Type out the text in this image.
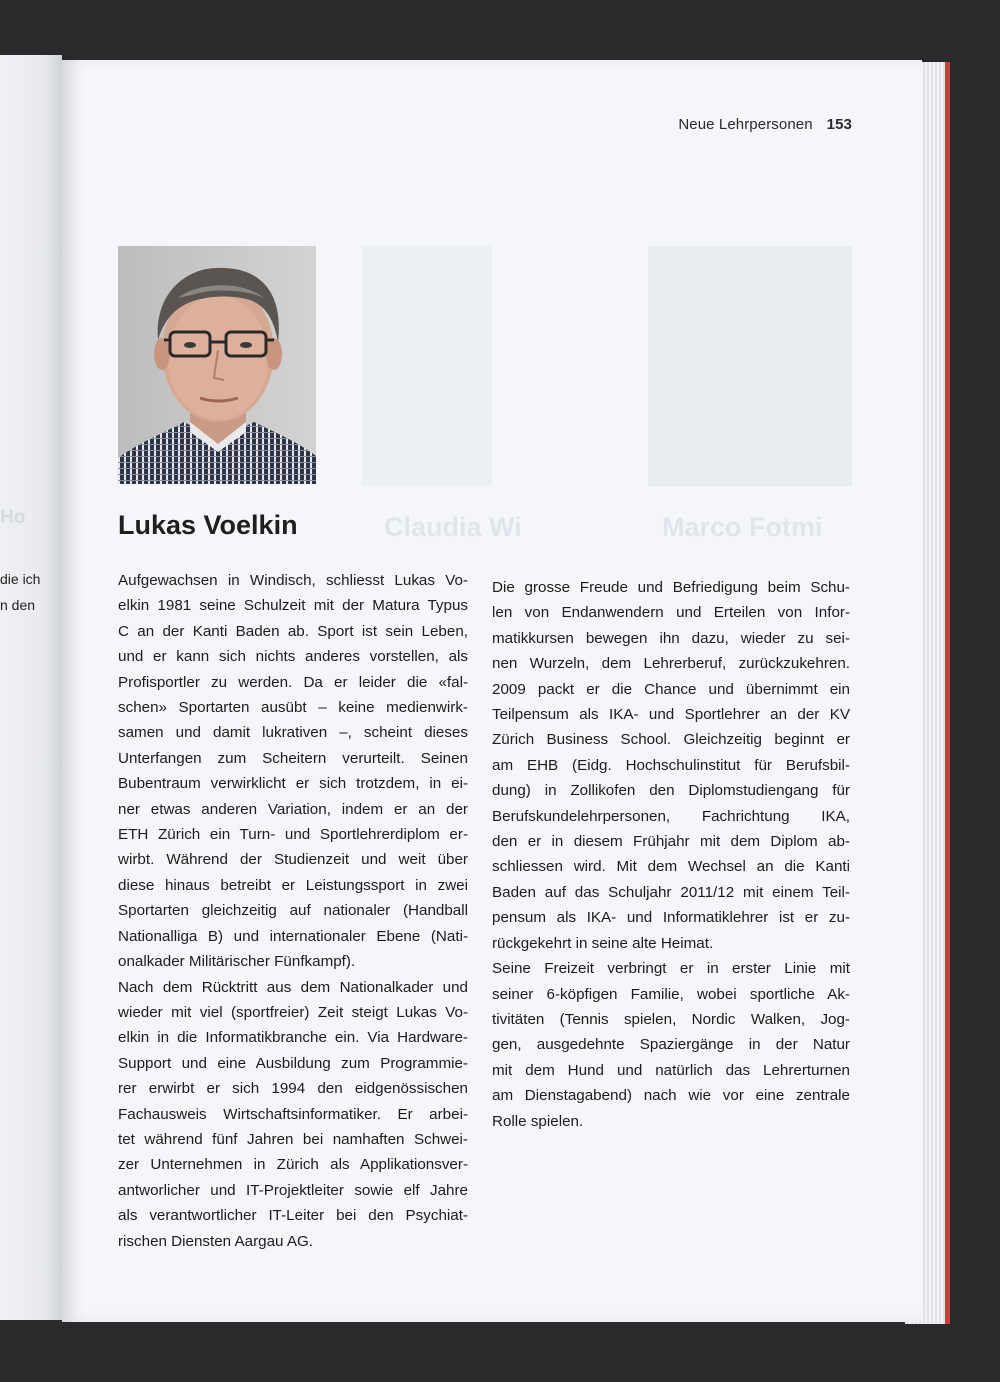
Ho
die ich
n den
Neue Lehrpersonen 153
Claudia Wi	Marco Fotmi
Lukas Voelkin

Aufgewachsen in Windisch, schliesst Lukas Vo-
elkin 1981 seine Schulzeit mit der Matura Typus
C an der Kanti Baden ab. Sport ist sein Leben,
und er kann sich nichts anderes vorstellen, als
Profisportler zu werden. Da er leider die «fal-
schen» Sportarten ausübt – keine medienwirk-
samen und damit lukrativen –, scheint dieses
Unterfangen zum Scheitern verurteilt. Seinen
Bubentraum verwirklicht er sich trotzdem, in ei-
ner etwas anderen Variation, indem er an der
ETH Zürich ein Turn- und Sportlehrerdiplom er-
wirbt. Während der Studienzeit und weit über
diese hinaus betreibt er Leistungssport in zwei
Sportarten gleichzeitig auf nationaler (Handball
Nationalliga B) und internationaler Ebene (Nati-
onalkader Militärischer Fünfkampf).

Nach dem Rücktritt aus dem Nationalkader und
wieder mit viel (sportfreier) Zeit steigt Lukas Vo-
elkin in die Informatikbranche ein. Via Hardware-
Support und eine Ausbildung zum Programmie-
rer erwirbt er sich 1994 den eidgenössischen
Fachausweis Wirtschaftsinformatiker. Er arbei-
tet während fünf Jahren bei namhaften Schwei-
zer Unternehmen in Zürich als Applikationsver-
antworlicher und IT-Projektleiter sowie elf Jahre
als verantwortlicher IT-Leiter bei den Psychiat-
rischen Diensten Aargau AG.

Die grosse Freude und Befriedigung beim Schu-
len von Endanwendern und Erteilen von Infor-
matikkursen bewegen ihn dazu, wieder zu sei-
nen Wurzeln, dem Lehrerberuf, zurückzukehren.
2009 packt er die Chance und übernimmt ein
Teilpensum als IKA- und Sportlehrer an der KV
Zürich Business School. Gleichzeitig beginnt er
am EHB (Eidg. Hochschulinstitut für Berufsbil-
dung) in Zollikofen den Diplomstudiengang für
Berufskundelehrpersonen, Fachrichtung IKA,
den er in diesem Frühjahr mit dem Diplom ab-
schliessen wird. Mit dem Wechsel an die Kanti
Baden auf das Schuljahr 2011/12 mit einem Teil-
pensum als IKA- und Informatiklehrer ist er zu-
rückgekehrt in seine alte Heimat.

Seine Freizeit verbringt er in erster Linie mit
seiner 6-köpfigen Familie, wobei sportliche Ak-
tivitäten (Tennis spielen, Nordic Walken, Jog-
gen, ausgedehnte Spaziergänge in der Natur
mit dem Hund und natürlich das Lehrerturnen
am Dienstagabend) nach wie vor eine zentrale
Rolle spielen.
